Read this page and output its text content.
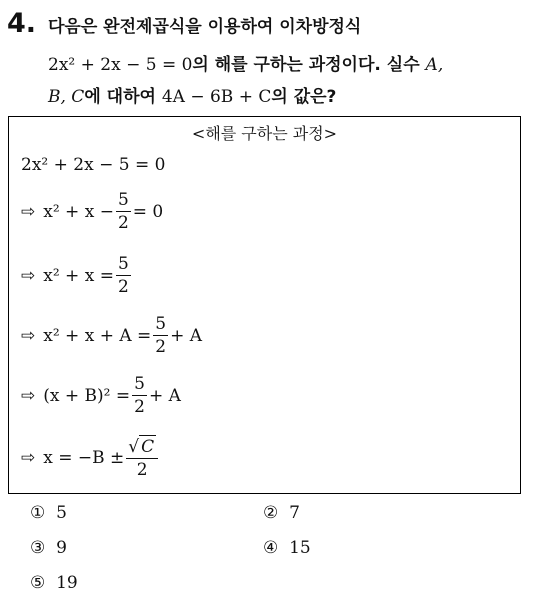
4. 다음은 완전제곱식을 이용하여 이차방정식
2x² + 2x − 5 = 0의 해를 구하는 과정이다. 실수 A,
B, C에 대하여 4A − 6B + C의 값은?
<해를 구하는 과정>
2x² + 2x − 5 = 0
⇨ $x^2 + x - \frac{5}{2} = 0$
⇨ $x^2 + x = \frac{5}{2}$
⇨ $x^2 + x + A = \frac{5}{2} + A$
⇨ $(x + B)^2 = \frac{5}{2} + A$
⇨ $x = -B \pm \frac{√ C}{2}$
① 5	② 7
③ 9	④ 15
⑤ 19
